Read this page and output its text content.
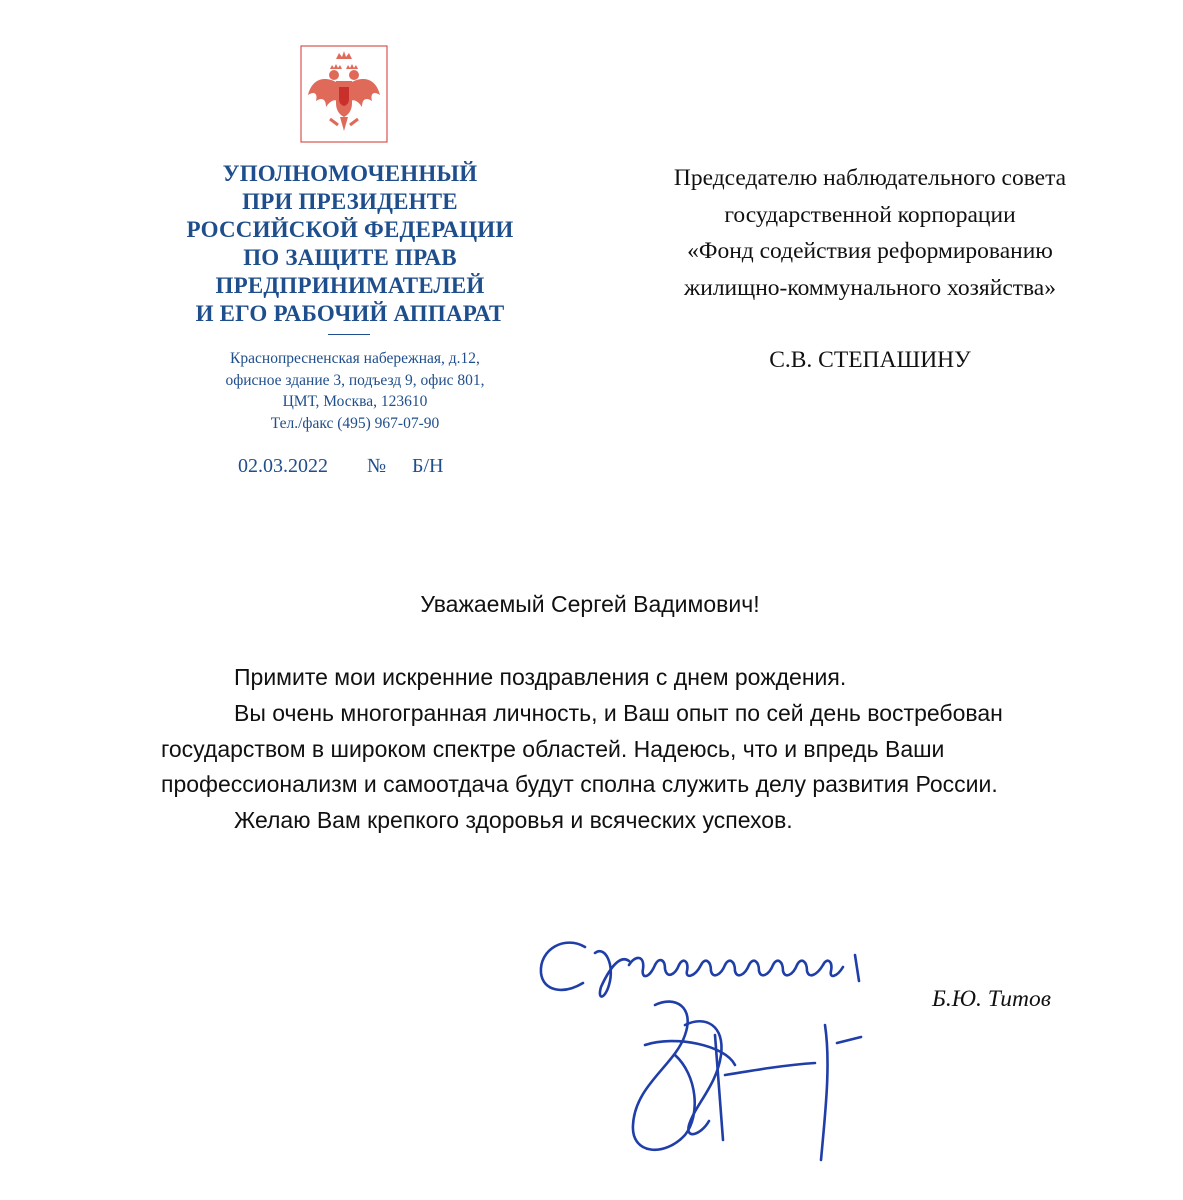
УПОЛНОМОЧЕННЫЙ
ПРИ ПРЕЗИДЕНТЕ
РОССИЙСКОЙ ФЕДЕРАЦИИ
ПО ЗАЩИТЕ ПРАВ
ПРЕДПРИНИМАТЕЛЕЙ
И ЕГО РАБОЧИЙ АППАРАТ
Краснопресненская набережная, д.12,
офисное здание 3, подъезд 9, офис 801,
ЦМТ, Москва, 123610
Тел./факс (495) 967-07-90
02.03.2022 № Б/Н
Председателю наблюдательного совета
государственной корпорации
«Фонд содействия реформированию
жилищно-коммунального хозяйства»
С.В. СТЕПАШИНУ
Уважаемый Сергей Вадимович!
Примите мои искренние поздравления с днем рождения.
Вы очень многогранная личность, и Ваш опыт по сей день востребован
государством в широком спектре областей. Надеюсь, что и впредь Ваши
профессионализм и самоотдача будут сполна служить делу развития России.
Желаю Вам крепкого здоровья и всяческих успехов.
Б.Ю. Титов
